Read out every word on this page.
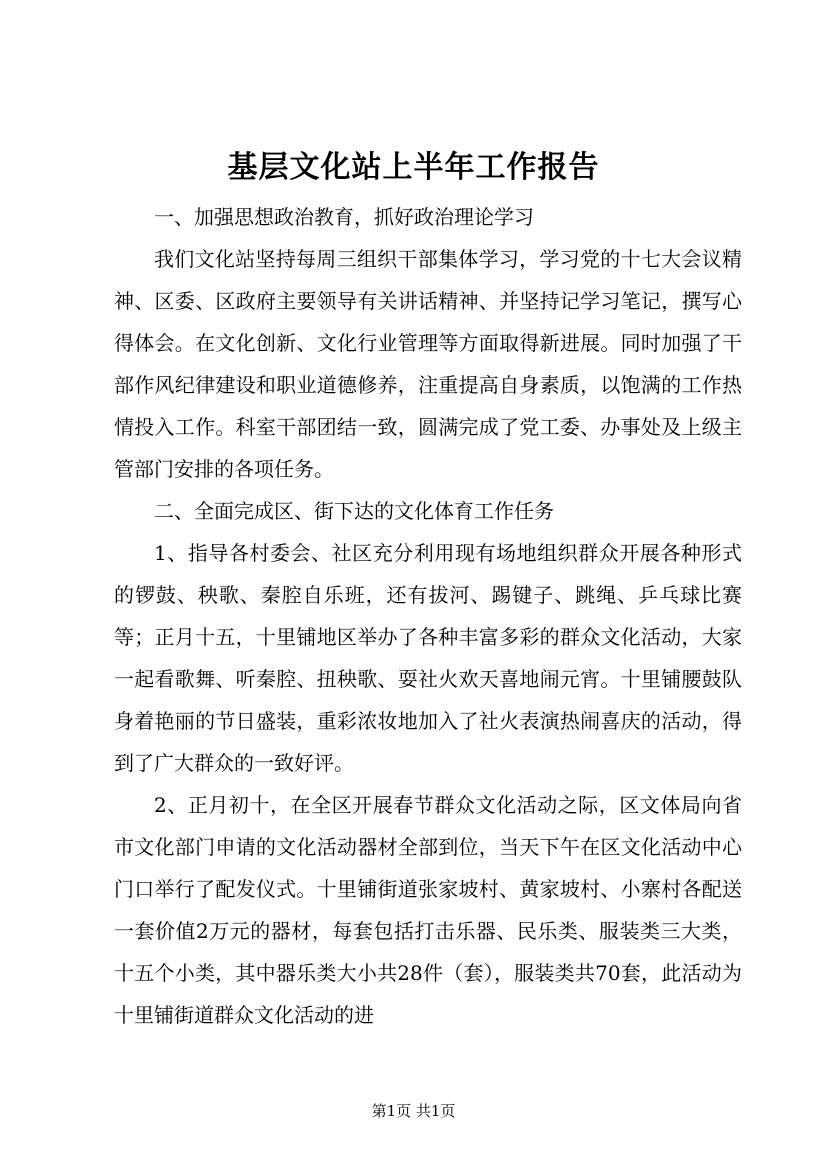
基层文化站上半年工作报告

一、加强思想政治教育，抓好政治理论学习

我们文化站坚持每周三组织干部集体学习，学习党的十七大会议精神、区委、区政府主要领导有关讲话精神、并坚持记学习笔记，撰写心得体会。在文化创新、文化行业管理等方面取得新进展。同时加强了干部作风纪律建设和职业道德修养，注重提高自身素质，以饱满的工作热情投入工作。科室干部团结一致，圆满完成了党工委、办事处及上级主管部门安排的各项任务。

二、全面完成区、街下达的文化体育工作任务

1、指导各村委会、社区充分利用现有场地组织群众开展各种形式的锣鼓、秧歌、秦腔自乐班，还有拔河、踢键子、跳绳、乒乓球比赛等；正月十五，十里铺地区举办了各种丰富多彩的群众文化活动，大家一起看歌舞、听秦腔、扭秧歌、耍社火欢天喜地闹元宵。十里铺腰鼓队身着艳丽的节日盛装，重彩浓妆地加入了社火表演热闹喜庆的活动，得到了广大群众的一致好评。

2、正月初十，在全区开展春节群众文化活动之际，区文体局向省市文化部门申请的文化活动器材全部到位，当天下午在区文化活动中心门口举行了配发仪式。十里铺街道张家坡村、黄家坡村、小寨村各配送一套价值2万元的器材，每套包括打击乐器、民乐类、服装类三大类，十五个小类，其中器乐类大小共28件（套），服装类共70套，此活动为十里铺街道群众文化活动的进

第1页 共1页
